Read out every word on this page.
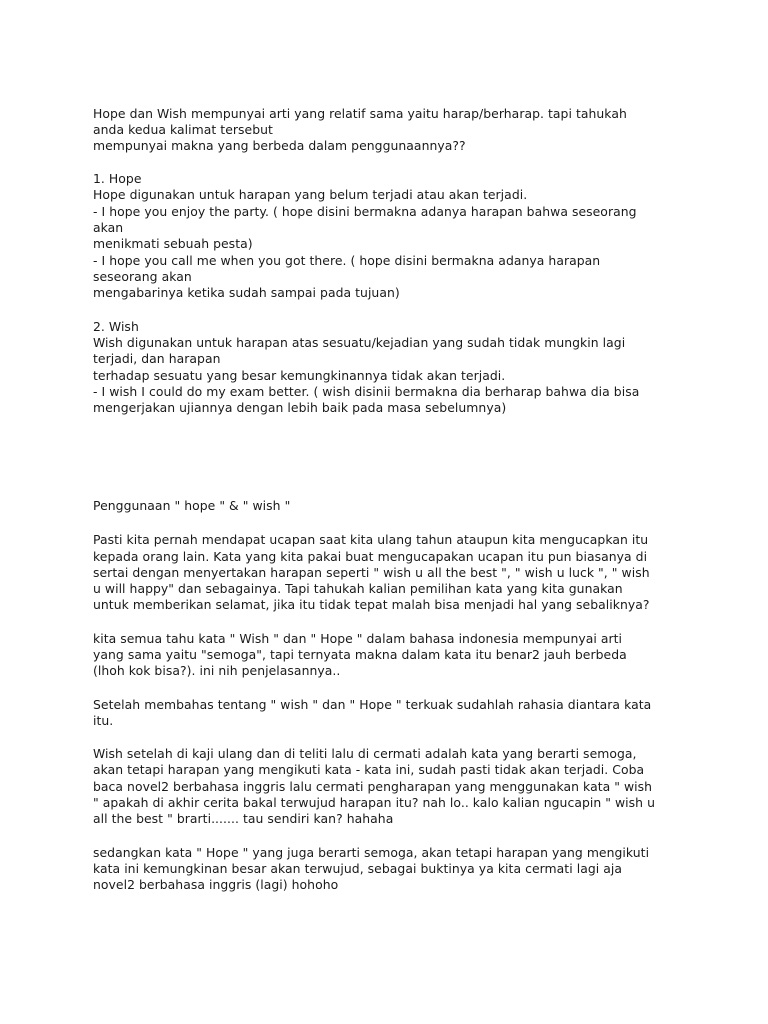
Hope dan Wish mempunyai arti yang relatif sama yaitu harap/berharap. tapi tahukah
anda kedua kalimat tersebut
mempunyai makna yang berbeda dalam penggunaannya??
1. Hope
Hope digunakan untuk harapan yang belum terjadi atau akan terjadi.
- I hope you enjoy the party. ( hope disini bermakna adanya harapan bahwa seseorang
akan
menikmati sebuah pesta)
- I hope you call me when you got there. ( hope disini bermakna adanya harapan
seseorang akan
mengabarinya ketika sudah sampai pada tujuan)
2. Wish
Wish digunakan untuk harapan atas sesuatu/kejadian yang sudah tidak mungkin lagi
terjadi, dan harapan
terhadap sesuatu yang besar kemungkinannya tidak akan terjadi.
- I wish I could do my exam better. ( wish disinii bermakna dia berharap bahwa dia bisa
mengerjakan ujiannya dengan lebih baik pada masa sebelumnya)
Penggunaan " hope " & " wish "
Pasti kita pernah mendapat ucapan saat kita ulang tahun ataupun kita mengucapkan itu
kepada orang lain. Kata yang kita pakai buat mengucapakan ucapan itu pun biasanya di
sertai dengan menyertakan harapan seperti " wish u all the best ", " wish u luck ", " wish
u will happy" dan sebagainya. Tapi tahukah kalian pemilihan kata yang kita gunakan
untuk memberikan selamat, jika itu tidak tepat malah bisa menjadi hal yang sebaliknya?
kita semua tahu kata " Wish " dan " Hope " dalam bahasa indonesia mempunyai arti
yang sama yaitu "semoga", tapi ternyata makna dalam kata itu benar2 jauh berbeda
(lhoh kok bisa?). ini nih penjelasannya..
Setelah membahas tentang " wish " dan " Hope " terkuak sudahlah rahasia diantara kata
itu.
Wish setelah di kaji ulang dan di teliti lalu di cermati adalah kata yang berarti semoga,
akan tetapi harapan yang mengikuti kata - kata ini, sudah pasti tidak akan terjadi. Coba
baca novel2 berbahasa inggris lalu cermati pengharapan yang menggunakan kata " wish
" apakah di akhir cerita bakal terwujud harapan itu? nah lo.. kalo kalian ngucapin " wish u
all the best " brarti....... tau sendiri kan? hahaha
sedangkan kata " Hope " yang juga berarti semoga, akan tetapi harapan yang mengikuti
kata ini kemungkinan besar akan terwujud, sebagai buktinya ya kita cermati lagi aja
novel2 berbahasa inggris (lagi) hohoho
